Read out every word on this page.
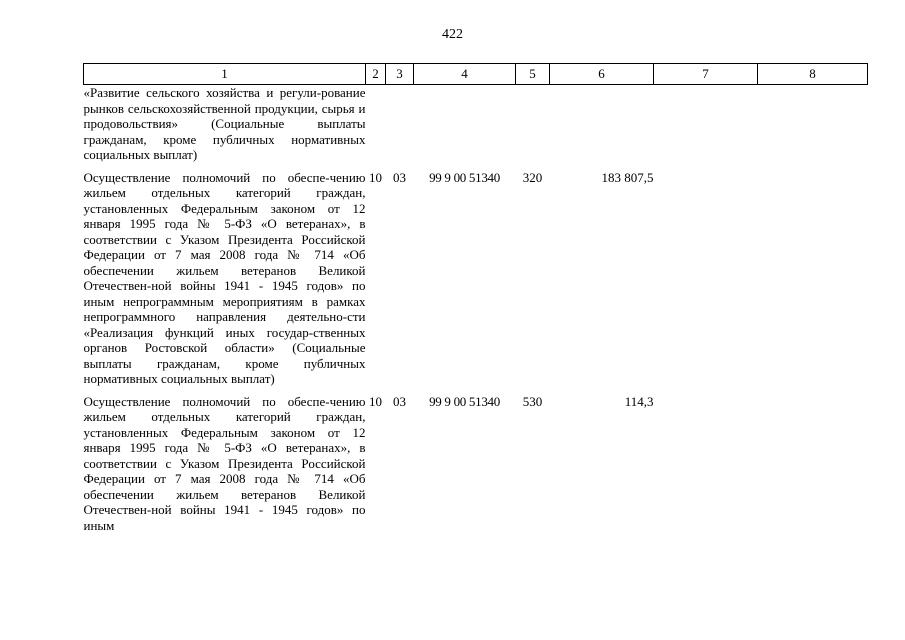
422
1	2	3	4	5	6	7	8
«Развитие сельского хозяйства и регули-рование рынков сельскохозяйственной продукции, сырья и продовольствия» (Социальные выплаты гражданам, кроме публичных нормативных социальных выплат)							
Осуществление полномочий по обеспе-чению жильем отдельных категорий граждан, установленных Федеральным законом от 12 января 1995 года № 5-ФЗ «О ветеранах», в соответствии с Указом Президента Российской Федерации от 7 мая 2008 года № 714 «Об обеспечении жильем ветеранов Великой Отечествен-ной войны 1941 - 1945 годов» по иным непрограммным мероприятиям в рамках непрограммного направления деятельно-сти «Реализация функций иных государ-ственных органов Ростовской области» (Социальные выплаты гражданам, кроме публичных нормативных социальных выплат)	10	03	99 9 00 51340	320	183 807,5		
Осуществление полномочий по обеспе-чению жильем отдельных категорий граждан, установленных Федеральным законом от 12 января 1995 года № 5-ФЗ «О ветеранах», в соответствии с Указом Президента Российской Федерации от 7 мая 2008 года № 714 «Об обеспечении жильем ветеранов Великой Отечествен-ной войны 1941 - 1945 годов» по иным	10	03	99 9 00 51340	530	114,3		
